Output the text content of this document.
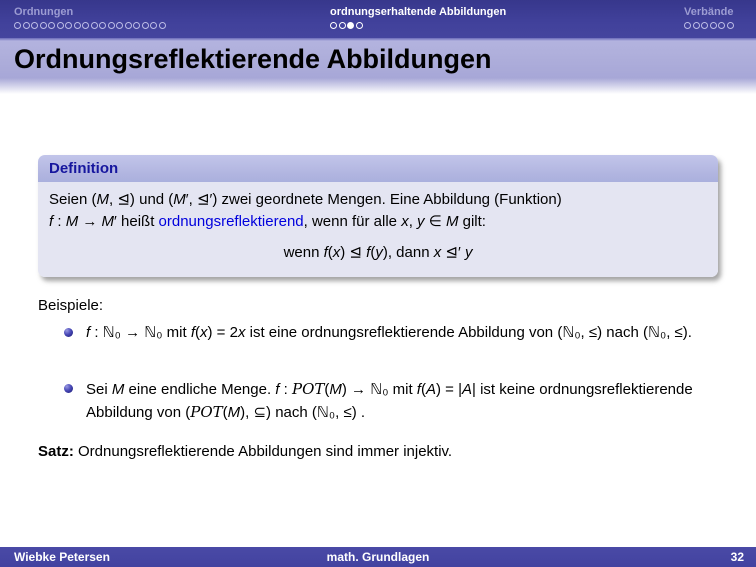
Ordnungen	ordnungserhaltende Abbildungen	Verbände
Ordnungsreflektierende Abbildungen
Definition
Seien (M, ⊴) und (M′, ⊴′) zwei geordnete Mengen. Eine Abbildung (Funktion)
f : M → M′ heißt ordnungsreflektierend, wenn für alle x, y ∈ M gilt:
wenn f(x) ⊴ f(y), dann x ⊴′ y
Beispiele:
f : ℕ₀ → ℕ₀ mit f(x) = 2x ist eine ordnungsreflektierende Abbildung von (ℕ₀, ≤) nach (ℕ₀, ≤).
Sei M eine endliche Menge. f : POT(M) → ℕ₀ mit f(A) = |A| ist keine ordnungsreflektierende Abbildung von (POT(M), ⊆) nach (ℕ₀, ≤) .
Satz: Ordnungsreflektierende Abbildungen sind immer injektiv.
Wiebke Petersen	math. Grundlagen	32
